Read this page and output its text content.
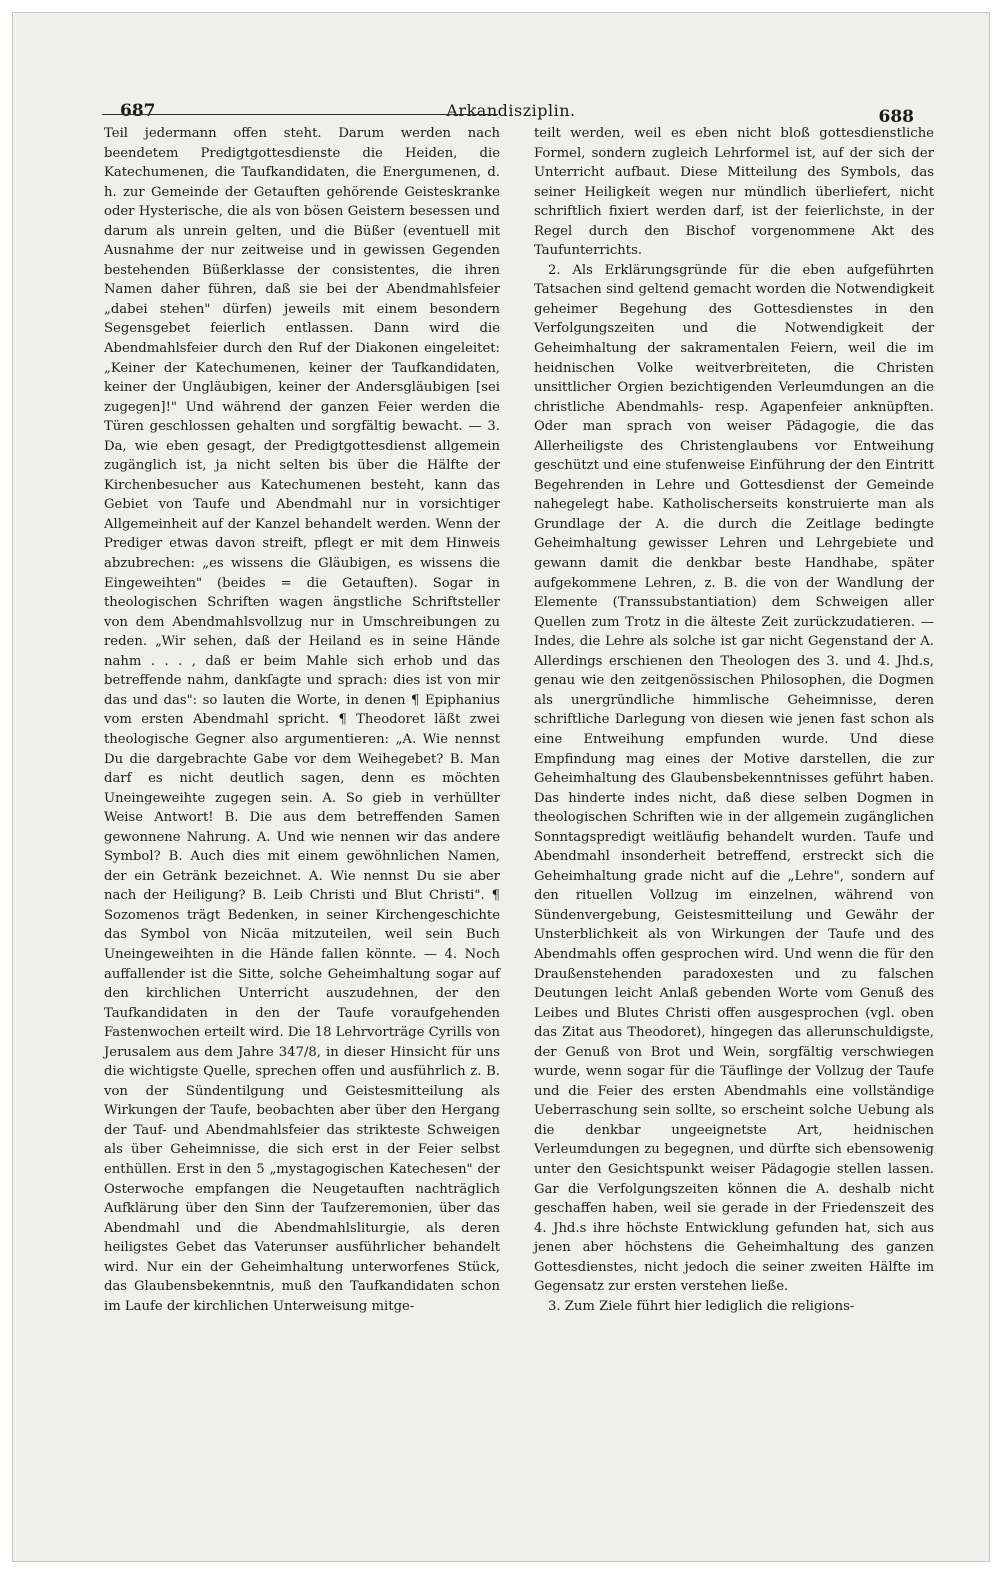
687	Arkandisziplin.	688

Teil jedermann offen steht. Darum werden nach beendetem Predigtgottesdienste die Heiden, die Katechumenen, die Taufkandidaten, die Energumenen, d. h. zur Gemeinde der Getauften gehörende Geisteskranke oder Hysterische, die als von bösen Geistern besessen und darum als unrein gelten, und die Büßer (eventuell mit Ausnahme der nur zeitweise und in gewissen Gegenden bestehenden Büßerklasse der consistentes, die ihren Namen daher führen, daß sie bei der Abendmahlsfeier „dabei stehen" dürfen) jeweils mit einem besondern Segensgebet feierlich entlassen. Dann wird die Abendmahlsfeier durch den Ruf der Diakonen eingeleitet: „Keiner der Katechumenen, keiner der Taufkandidaten, keiner der Ungläubigen, keiner der Andersgläubigen [sei zugegen]!" Und während der ganzen Feier werden die Türen geschlossen gehalten und sorgfältig bewacht. — 3. Da, wie eben gesagt, der Predigtgottesdienst allgemein zugänglich ist, ja nicht selten bis über die Hälfte der Kirchenbesucher aus Katechumenen besteht, kann das Gebiet von Taufe und Abendmahl nur in vorsichtiger Allgemeinheit auf der Kanzel behandelt werden. Wenn der Prediger etwas davon streift, pflegt er mit dem Hinweis abzubrechen: „es wissens die Gläubigen, es wissens die Eingeweihten" (beides = die Getauften). Sogar in theologischen Schriften wagen ängstliche Schriftsteller von dem Abendmahlsvollzug nur in Umschreibungen zu reden. „Wir sehen, daß der Heiland es in seine Hände nahm . . . , daß er beim Mahle sich erhob und das betreffende nahm, dankſagte und sprach: dies ist von mir das und das": so lauten die Worte, in denen ¶ Epiphanius vom ersten Abendmahl spricht. ¶ Theodoret läßt zwei theologische Gegner also argumentieren: „A. Wie nennst Du die dargebrachte Gabe vor dem Weihegebet? B. Man darf es nicht deutlich sagen, denn es möchten Uneingeweihte zugegen sein. A. So gieb in verhüllter Weise Antwort! B. Die aus dem betreffenden Samen gewonnene Nahrung. A. Und wie nennen wir das andere Symbol? B. Auch dies mit einem gewöhnlichen Namen, der ein Getränk bezeichnet. A. Wie nennst Du sie aber nach der Heiligung? B. Leib Christi und Blut Christi". ¶ Sozomenos trägt Bedenken, in seiner Kirchengeschichte das Symbol von Nicäa mitzuteilen, weil sein Buch Uneingeweihten in die Hände fallen könnte. — 4. Noch auffallender ist die Sitte, solche Geheimhaltung sogar auf den kirchlichen Unterricht auszudehnen, der den Taufkandidaten in den der Taufe voraufgehenden Fastenwochen erteilt wird. Die 18 Lehrvorträge Cyrills von Jerusalem aus dem Jahre 347/8, in dieser Hinsicht für uns die wichtigste Quelle, sprechen offen und ausführlich z. B. von der Sündentilgung und Geistesmitteilung als Wirkungen der Taufe, beobachten aber über den Hergang der Tauf- und Abendmahlsfeier das strikteste Schweigen als über Geheimnisse, die sich erst in der Feier selbst enthüllen. Erst in den 5 „mystagogischen Katechesen" der Osterwoche empfangen die Neugetauften nachträglich Aufklärung über den Sinn der Taufzeremonien, über das Abendmahl und die Abendmahlsliturgie, als deren heiligstes Gebet das Vaterunser ausführlicher behandelt wird. Nur ein der Geheimhaltung unterworfenes Stück, das Glaubensbekenntnis, muß den Taufkandidaten schon im Laufe der kirchlichen Unterweisung mitge-

teilt werden, weil es eben nicht bloß gottesdienstliche Formel, sondern zugleich Lehrformel ist, auf der sich der Unterricht aufbaut. Diese Mitteilung des Symbols, das seiner Heiligkeit wegen nur mündlich überliefert, nicht schriftlich fixiert werden darf, ist der feierlichste, in der Regel durch den Bischof vorgenommene Akt des Taufunterrichts.

2. Als Erklärungsgründe für die eben aufgeführten Tatsachen sind geltend gemacht worden die Notwendigkeit geheimer Begehung des Gottesdienstes in den Verfolgungszeiten und die Notwendigkeit der Geheimhaltung der sakramentalen Feiern, weil die im heidnischen Volke weitverbreiteten, die Christen unsittlicher Orgien bezichtigenden Verleumdungen an die christliche Abendmahls- resp. Agapenfeier anknüpften. Oder man sprach von weiser Pädagogie, die das Allerheiligste des Christenglaubens vor Entweihung geschützt und eine stufenweise Einführung der den Eintritt Begehrenden in Lehre und Gottesdienst der Gemeinde nahegelegt habe. Katholischerseits konstruierte man als Grundlage der A. die durch die Zeitlage bedingte Geheimhaltung gewisser Lehren und Lehrgebiete und gewann damit die denkbar beste Handhabe, später aufgekommene Lehren, z. B. die von der Wandlung der Elemente (Transsubstantiation) dem Schweigen aller Quellen zum Trotz in die älteste Zeit zurückzudatieren. — Indes, die Lehre als solche ist gar nicht Gegenstand der A. Allerdings erschienen den Theologen des 3. und 4. Jhd.s, genau wie den zeitgenössischen Philosophen, die Dogmen als unergründliche himmlische Geheimnisse, deren schriftliche Darlegung von diesen wie jenen fast schon als eine Entweihung empfunden wurde. Und diese Empfindung mag eines der Motive darstellen, die zur Geheimhaltung des Glaubensbekenntnisses geführt haben. Das hinderte indes nicht, daß diese selben Dogmen in theologischen Schriften wie in der allgemein zugänglichen Sonntagspredigt weitläufig behandelt wurden. Taufe und Abendmahl insonderheit betreffend, erstreckt sich die Geheimhaltung grade nicht auf die „Lehre", sondern auf den rituellen Vollzug im einzelnen, während von Sündenvergebung, Geistesmitteilung und Gewähr der Unsterblichkeit als von Wirkungen der Taufe und des Abendmahls offen gesprochen wird. Und wenn die für den Draußenstehenden paradoxesten und zu falschen Deutungen leicht Anlaß gebenden Worte vom Genuß des Leibes und Blutes Christi offen ausgesprochen (vgl. oben das Zitat aus Theodoret), hingegen das allerunschuldigste, der Genuß von Brot und Wein, sorgfältig verschwiegen wurde, wenn sogar für die Täuflinge der Vollzug der Taufe und die Feier des ersten Abendmahls eine vollständige Ueberraschung sein sollte, so erscheint solche Uebung als die denkbar ungeeignetste Art, heidnischen Verleumdungen zu begegnen, und dürfte sich ebensowenig unter den Gesichtspunkt weiser Pädagogie stellen lassen. Gar die Verfolgungszeiten können die A. deshalb nicht geschaffen haben, weil sie gerade in der Friedenszeit des 4. Jhd.s ihre höchste Entwicklung gefunden hat, sich aus jenen aber höchstens die Geheimhaltung des ganzen Gottesdienstes, nicht jedoch die seiner zweiten Hälfte im Gegensatz zur ersten verstehen ließe.

3. Zum Ziele führt hier lediglich die religions-
